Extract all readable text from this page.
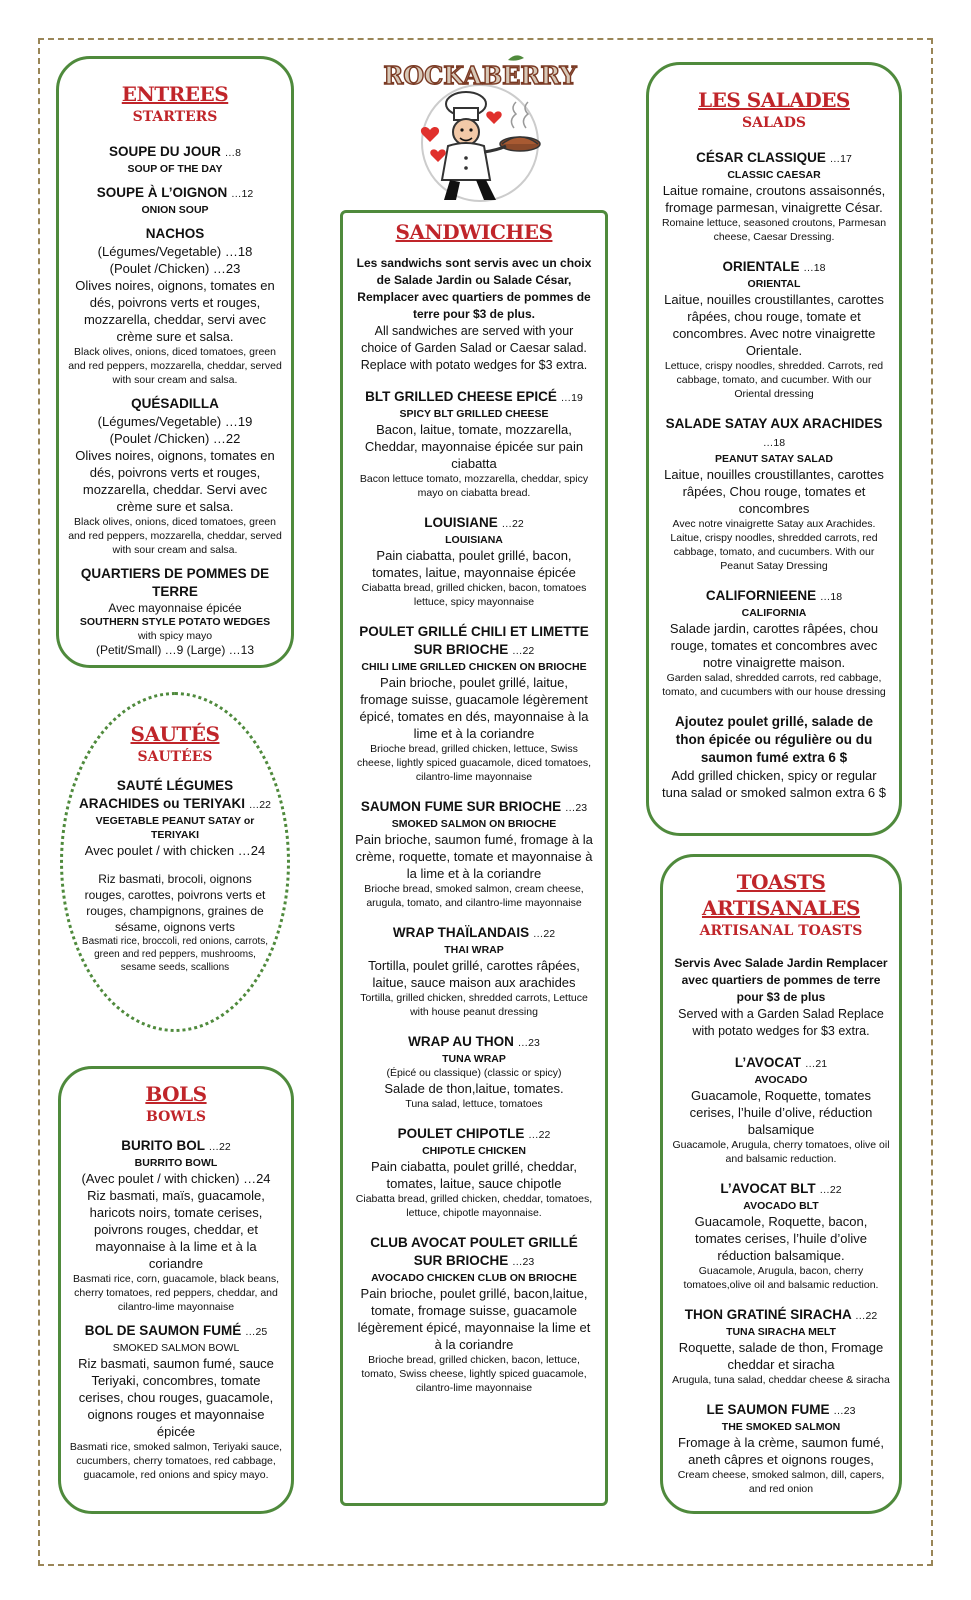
ROCKABERRY
ENTREES
STARTERS
SOUPE DU JOUR …8
SOUP OF THE DAY
SOUPE À L’OIGNON …12
ONION SOUP
NACHOS
(Légumes/Vegetable) …18
(Poulet /Chicken) …23
Olives noires, oignons, tomates en dés, poivrons verts et rouges, mozzarella, cheddar, servi avec crème sure et salsa.
Black olives, onions, diced tomatoes, green and red peppers, mozzarella, cheddar, served with sour cream and salsa.
QUÉSADILLA
(Légumes/Vegetable) …19
(Poulet /Chicken) …22
Olives noires, oignons, tomates en dés, poivrons verts et rouges, mozzarella, cheddar. Servi avec crème sure et salsa.
Black olives, onions, diced tomatoes, green and red peppers, mozzarella, cheddar, served with sour cream and salsa.
QUARTIERS DE POMMES DE TERRE
Avec mayonnaise épicée
SOUTHERN STYLE POTATO WEDGES
with spicy mayo
(Petit/Small) …9 (Large) …13
SAUTÉS
SAUTÉES
SAUTÉ LÉGUMES
ARACHIDES ou TERIYAKI …22
VEGETABLE PEANUT SATAY or TERIYAKI
Avec poulet / with chicken …24
Riz basmati, brocoli, oignons rouges, carottes, poivrons verts et rouges, champignons, graines de sésame, oignons verts
Basmati rice, broccoli, red onions, carrots, green and red peppers, mushrooms, sesame seeds, scallions
BOLS
BOWLS
BURITO BOL …22
BURRITO BOWL
(Avec poulet / with chicken) …24
Riz basmati, maïs, guacamole, haricots noirs, tomate cerises, poivrons rouges, cheddar, et mayonnaise à la lime et à la coriandre
Basmati rice, corn, guacamole, black beans, cherry tomatoes, red peppers, cheddar, and cilantro-lime mayonnaise
BOL DE SAUMON FUMÉ …25
SMOKED SALMON BOWL
Riz basmati, saumon fumé, sauce Teriyaki, concombres, tomate cerises, chou rouges, guacamole, oignons rouges et mayonnaise épicée
Basmati rice, smoked salmon, Teriyaki sauce, cucumbers, cherry tomatoes, red cabbage, guacamole, red onions and spicy mayo.
SANDWICHES
Les sandwichs sont servis avec un choix de Salade Jardin ou Salade César, Remplacer avec quartiers de pommes de terre pour $3 de plus.
All sandwiches are served with your choice of Garden Salad or Caesar salad. Replace with potato wedges for $3 extra.
BLT GRILLED CHEESE EPICÉ …19
SPICY BLT GRILLED CHEESE
Bacon, laitue, tomate, mozzarella, Cheddar, mayonnaise épicée sur pain ciabatta
Bacon lettuce tomato, mozzarella, cheddar, spicy mayo on ciabatta bread.
LOUISIANE …22
LOUISIANA
Pain ciabatta, poulet grillé, bacon, tomates, laitue, mayonnaise épicée
Ciabatta bread, grilled chicken, bacon, tomatoes lettuce, spicy mayonnaise
POULET GRILLÉ CHILI ET LIMETTE SUR BRIOCHE …22
CHILI LIME GRILLED CHICKEN ON BRIOCHE
Pain brioche, poulet grillé, laitue, fromage suisse, guacamole légèrement épicé, tomates en dés, mayonnaise à la lime et à la coriandre
Brioche bread, grilled chicken, lettuce, Swiss cheese, lightly spiced guacamole, diced tomatoes, cilantro-lime mayonnaise
SAUMON FUME SUR BRIOCHE …23
SMOKED SALMON ON BRIOCHE
Pain brioche, saumon fumé, fromage à la crème, roquette, tomate et mayonnaise à la lime et à la coriandre
Brioche bread, smoked salmon, cream cheese, arugula, tomato, and cilantro-lime mayonnaise
WRAP THAÏLANDAIS …22
THAI WRAP
Tortilla, poulet grillé, carottes râpées, laitue, sauce maison aux arachides
Tortilla, grilled chicken, shredded carrots, Lettuce with house peanut dressing
WRAP AU THON …23
TUNA WRAP
(Épicé ou classique) (classic or spicy)
Salade de thon,laitue, tomates.
Tuna salad, lettuce, tomatoes
POULET CHIPOTLE …22
CHIPOTLE CHICKEN
Pain ciabatta, poulet grillé, cheddar, tomates, laitue, sauce chipotle
Ciabatta bread, grilled chicken, cheddar, tomatoes, lettuce, chipotle mayonnaise.
CLUB AVOCAT POULET GRILLÉ SUR BRIOCHE …23
AVOCADO CHICKEN CLUB ON BRIOCHE
Pain brioche, poulet grillé, bacon,laitue, tomate, fromage suisse, guacamole légèrement épicé, mayonnaise la lime et à la coriandre
Brioche bread, grilled chicken, bacon, lettuce, tomato, Swiss cheese, lightly spiced guacamole, cilantro-lime mayonnaise
LES SALADES
SALADS
CÉSAR CLASSIQUE …17
CLASSIC CAESAR
Laitue romaine, croutons assaisonnés, fromage parmesan, vinaigrette César.
Romaine lettuce, seasoned croutons, Parmesan cheese, Caesar Dressing.
ORIENTALE …18
ORIENTAL
Laitue, nouilles croustillantes, carottes râpées, chou rouge, tomate et concombres. Avec notre vinaigrette Orientale.
Lettuce, crispy noodles, shredded. Carrots, red cabbage, tomato, and cucumber. With our Oriental dressing
SALADE SATAY AUX ARACHIDES …18
PEANUT SATAY SALAD
Laitue, nouilles croustillantes, carottes râpées, Chou rouge, tomates et concombres
Avec notre vinaigrette Satay aux Arachides. Laitue, crispy noodles, shredded carrots, red cabbage, tomato, and cucumbers. With our Peanut Satay Dressing
CALIFORNIEENE …18
CALIFORNIA
Salade jardin, carottes râpées, chou rouge, tomates et concombres avec notre vinaigrette maison.
Garden salad, shredded carrots, red cabbage, tomato, and cucumbers with our house dressing
Ajoutez poulet grillé, salade de thon épicée ou régulière ou du saumon fumé extra 6 $
Add grilled chicken, spicy or regular tuna salad or smoked salmon extra 6 $
TOASTS ARTISANALES
ARTISANAL TOASTS
Servis Avec Salade Jardin Remplacer avec quartiers de pommes de terre pour $3 de plus
Served with a Garden Salad Replace with potato wedges for $3 extra.
L’AVOCAT …21
AVOCADO
Guacamole, Roquette, tomates cerises, l’huile d’olive, réduction balsamique
Guacamole, Arugula, cherry tomatoes, olive oil and balsamic reduction.
L’AVOCAT BLT …22
AVOCADO BLT
Guacamole, Roquette, bacon, tomates cerises, l’huile d’olive réduction balsamique.
Guacamole, Arugula, bacon, cherry tomatoes,olive oil and balsamic reduction.
THON GRATINÉ SIRACHA …22
TUNA SIRACHA MELT
Roquette, salade de thon, Fromage cheddar et siracha
Arugula, tuna salad, cheddar cheese & siracha
LE SAUMON FUME …23
THE SMOKED SALMON
Fromage à la crème, saumon fumé, aneth câpres et oignons rouges,
Cream cheese, smoked salmon, dill, capers, and red onion
